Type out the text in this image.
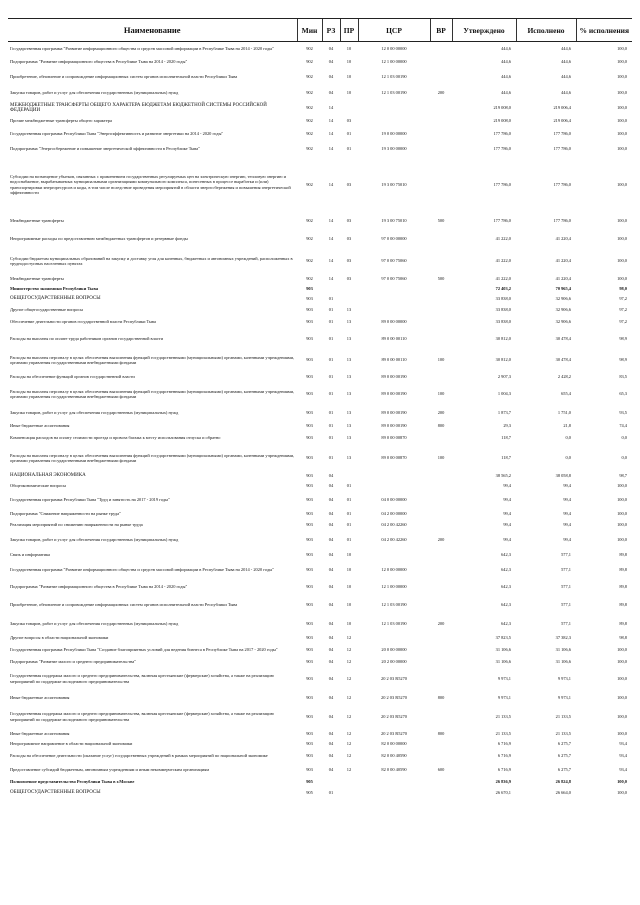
Наименование	Мин	РЗ	ПР	ЦСР	ВР	Утверждено	Исполнено	% исполнения
Государственная программа "Развитие информационного общества и средств массовой информации в Республике Тыва на 2014 - 2020 годы"	902	04	10	12 0 00 00000		444,6	444,6	100,0
Подпрограмма "Развитие информационного общества в Республике Тыва на 2014 - 2020 годы"	902	04	10	12 1 00 00000		444,6	444,6	100,0
Приобретение, обновление и сопровождение информационных систем органов исполнительной власти Республики Тыва	902	04	10	12 1 03 00190		444,6	444,6	100,0
Закупка товаров, работ и услуг для обеспечения государственных (муниципальных) нужд	902	04	10	12 1 03 00190	200	444,6	444,6	100,0
МЕЖБЮДЖЕТНЫЕ ТРАНСФЕРТЫ ОБЩЕГО ХАРАКТЕРА БЮДЖЕТАМ БЮДЖЕТНОЙ СИСТЕМЫ РОССИЙСКОЙ ФЕДЕРАЦИИ	902	14				219 008,0	219 006,4	100,0
Прочие межбюджетные трансферты общего характера	902	14	03			219 008,0	219 006,4	100,0
Государственная программа Республики Тыва "Энергоэффективность и развитие энергетики на 2014 - 2020 годы"	902	14	01	19 0 00 00000		177 786,0	177 786,0	100,0
Подпрограмма "Энергосбережение и повышение энергетической эффективности в Республике Тыва"	902	14	01	19 3 00 00000		177 786,0	177 786,0	100,0
Субсидии на возмещение убытков, связанных с применением государственных регулируемых цен на электрическую энергию, тепловую энергию и водоснабжение, вырабатываемых муниципальными организациями коммунального комплекса, понесенных в процессе выработки и (или) транспортировки энергоресурсов и коды, в том числе вследствие проведения мероприятий в области энергосбережения и повышения энергетической эффективности	902	14	03	19 3 00 75010		177 786,0	177 786,0	100,0
Межбюджетные трансферты	902	14	03	19 3 00 75010	500	177 786,0	177 786,0	100,0
Непрограммные расходы по предоставлению межбюджетных трансфертов и резервные фонды	902	14	03	97 0 00 00000		41 222,0	41 220,4	100,0
Субсидии бюджетам муниципальных образований на закупку и доставку угля для казенных, бюджетных и автономных учреждений, расположенных в труднодоступных населенных пунктах	902	14	03	97 0 00 75060		41 222,0	41 220,4	100,0
Межбюджетные трансферты	902	14	03	97 0 00 75060	500	41 222,0	41 220,4	100,0
Министерство экономики Республики Тыва	903					72 403,2	70 965,4	98,0
ОБЩЕГОСУДАРСТВЕННЫЕ ВОПРОСЫ	903	01				33 838,0	32 906,6	97,2
Другие общегосударственные вопросы	903	01	13			33 838,0	32 906,6	97,2
Обеспечение деятельности органов государственной власти Республики Тыва	903	01	13	89 0 00 00000		33 838,0	32 906,6	97,2
Расходы на выплаты по оплате труда работников органов государственной власти	903	01	13	89 0 00 00110		30 812,0	30 478,4	98,9
Расходы на выплаты персоналу в целях обеспечения выполнения функций государственными (муниципальными) органами, казенными учреждениями, органами управления государственными внебюджетными фондами	903	01	13	89 0 00 00110	100	30 812,0	30 478,4	98,9
Расходы на обеспечение функций органов государственной власти	903	01	13	89 0 00 00190		2 907,3	2 428,2	83,5
Расходы на выплаты персоналу в целях обеспечения выполнения функций государственными (муниципальными) органами, казенными учреждениями, органами управления государственными внебюджетными фондами	903	01	13	89 0 00 00190	100	1 004,3	655,4	65,3
Закупка товаров, работ и услуг для обеспечения государственных (муниципальных) нужд	903	01	13	89 0 00 00190	200	1 873,7	1 751,0	93,5
Иные бюджетные ассигнования	903	01	13	89 0 00 00190	800	29,3	21,8	74,4
Компенсация расходов на оплату стоимости проезда и провоза багажа к месту использования отпуска и обратно	903	01	13	89 0 00 00870		118,7	0,0	0,0
Расходы на выплаты персоналу в целях обеспечения выполнения функций государственными (муниципальными) органами, казенными учреждениями, органами управления государственными внебюджетными фондами	903	01	13	89 0 00 00870	100	118,7	0,0	0,0
НАЦИОНАЛЬНАЯ ЭКОНОМИКА	903	04				38 565,2	38 058,8	98,7
Общеэкономические вопросы	903	04	01			99,4	99,4	100,0
Государственная программа Республики Тыва "Труд и занятость на 2017 - 2019 годы"	903	04	01	04 0 00 00000		99,4	99,4	100,0
Подпрограмма "Снижение напряженности на рынке труда"	903	04	01	04 2 00 00000		99,4	99,4	100,0
Реализация мероприятий по снижению напряженности на рынке труда	903	04	01	04 2 00 42260		99,4	99,4	100,0
Закупка товаров, работ и услуг для обеспечения государственных (муниципальных) нужд	903	04	01	04 2 00 42260	200	99,4	99,4	100,0
Связь и информатика	903	04	10			642,3	577,1	89,8
Государственная программа "Развитие информационного общества и средств массовой информации в Республике Тыва на 2014 - 2020 годы"	903	04	10	12 0 00 00000		642,3	577,1	89,8
Подпрограмма "Развитие информационного общества в Республике Тыва на 2014 - 2020 годы"	903	04	10	12 1 00 00000		642,3	577,1	89,8
Приобретение, обновление и сопровождение информационных систем органов исполнительной власти Республики Тыва	903	04	10	12 1 03 00190		642,3	577,1	89,8
Закупка товаров, работ и услуг для обеспечения государственных (муниципальных) нужд	903	04	10	12 1 03 00190	200	642,3	577,1	89,8
Другие вопросы в области национальной экономики	903	04	12			37 823,5	37 382,3	98,8
Государственная программа Республики Тыва "Создание благоприятных условий для ведения бизнеса в Республике Тыва на 2017 - 2020 годы"	903	04	12	20 0 00 00000		31 106,6	31 106,6	100,0
Подпрограмма "Развитие малого и среднего предпринимательства"	903	04	12	20 2 00 00000		31 106,6	31 106,6	100,0
Государственная поддержка малого и среднего предпринимательства, включая крестьянские (фермерские) хозяйства, а также на реализацию мероприятий по поддержке молодежного предпринимательства	903	04	12	20 2 03 R5270		9 973,1	9 973,1	100,0
Иные бюджетные ассигнования	903	04	12	20 2 03 R5270	800	9 973,1	9 973,1	100,0
Государственная поддержка малого и среднего предпринимательства, включая крестьянские (фермерские) хозяйства, а также на реализацию мероприятий по поддержке молодежного предпринимательства	903	04	12	20 2 03 R5270		21 133,5	21 133,5	100,0
Иные бюджетные ассигнования	903	04	12	20 2 03 R5270	800	21 133,5	21 133,5	100,0
Непрограммное направление в области национальной экономики	903	04	12	82 0 00 00000		6 716,9	6 275,7	93,4
Расходы на обеспечение деятельности (оказание услуг) государственных учреждений в рамках мероприятий по национальной экономике	903	04	12	82 0 00 40590		6 716,9	6 275,7	93,4
Предоставление субсидий бюджетным, автономным учреждениям и иным некоммерческим организациям	903	04	12	82 0 00 40590	600	6 716,9	6 275,7	93,4
Полномочное представительство Республики Тыва в г.Москве	905					26 836,9	26 824,8	100,0
ОБЩЕГОСУДАРСТВЕННЫЕ ВОПРОСЫ	905	01				26 670,1	26 664,0	100,0
